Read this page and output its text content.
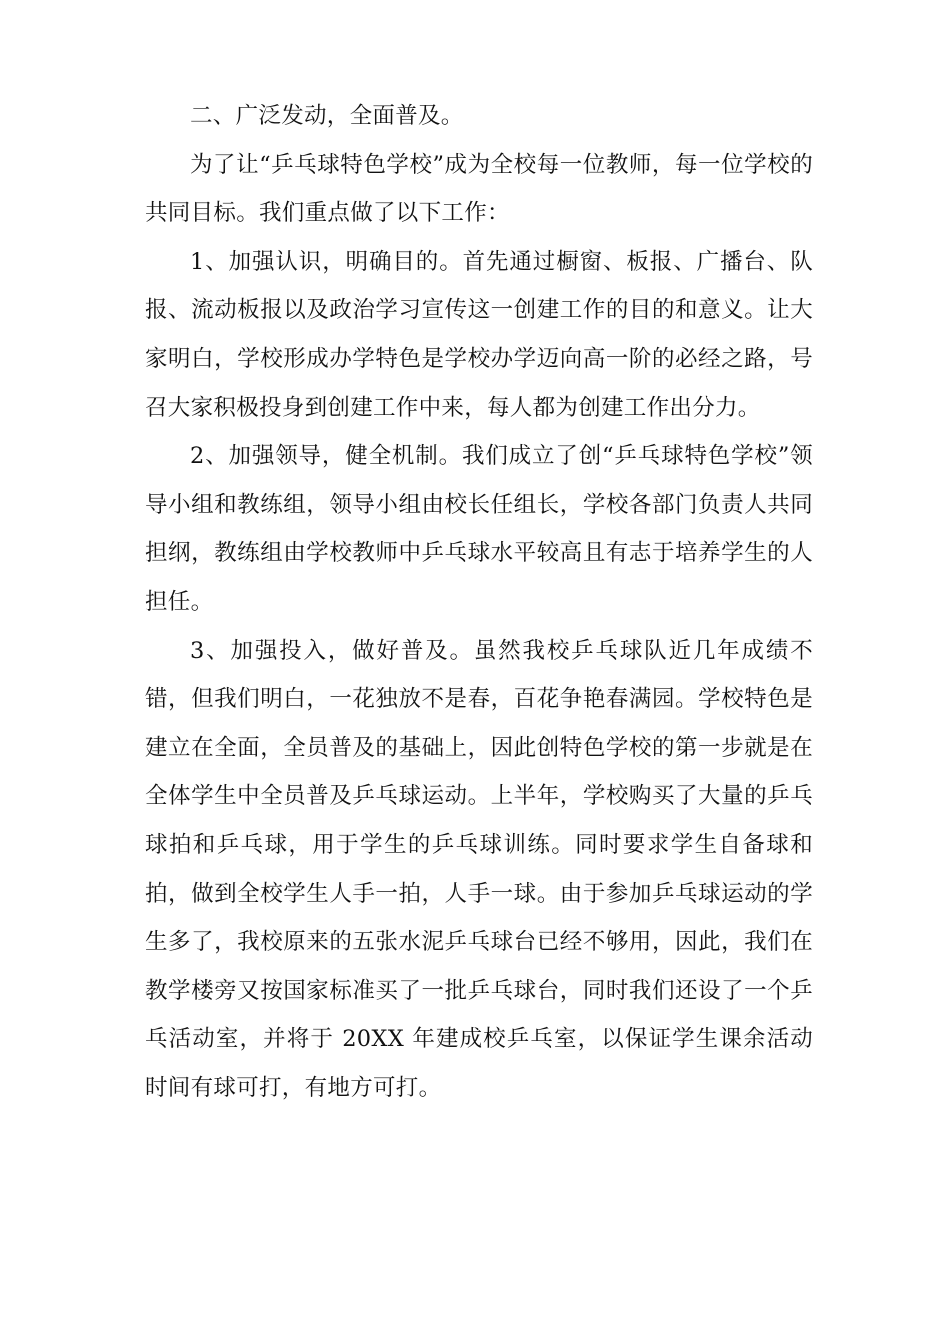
二、广泛发动，全面普及。

为了让“乒乓球特色学校”成为全校每一位教师，每一位学校的共同目标。我们重点做了以下工作：

1、加强认识，明确目的。首先通过橱窗、板报、广播台、队报、流动板报以及政治学习宣传这一创建工作的目的和意义。让大家明白，学校形成办学特色是学校办学迈向高一阶的必经之路，号召大家积极投身到创建工作中来，每人都为创建工作出分力。

2、加强领导，健全机制。我们成立了创“乒乓球特色学校”领导小组和教练组，领导小组由校长任组长，学校各部门负责人共同担纲，教练组由学校教师中乒乓球水平较高且有志于培养学生的人担任。

3、加强投入，做好普及。虽然我校乒乓球队近几年成绩不错，但我们明白，一花独放不是春，百花争艳春满园。学校特色是建立在全面，全员普及的基础上，因此创特色学校的第一步就是在全体学生中全员普及乒乓球运动。上半年，学校购买了大量的乒乓球拍和乒乓球，用于学生的乒乓球训练。同时要求学生自备球和拍，做到全校学生人手一拍，人手一球。由于参加乒乓球运动的学生多了，我校原来的五张水泥乒乓球台已经不够用，因此，我们在教学楼旁又按国家标准买了一批乒乓球台，同时我们还设了一个乒乓活动室，并将于 20XX 年建成校乒乓室，以保证学生课余活动时间有球可打，有地方可打。
